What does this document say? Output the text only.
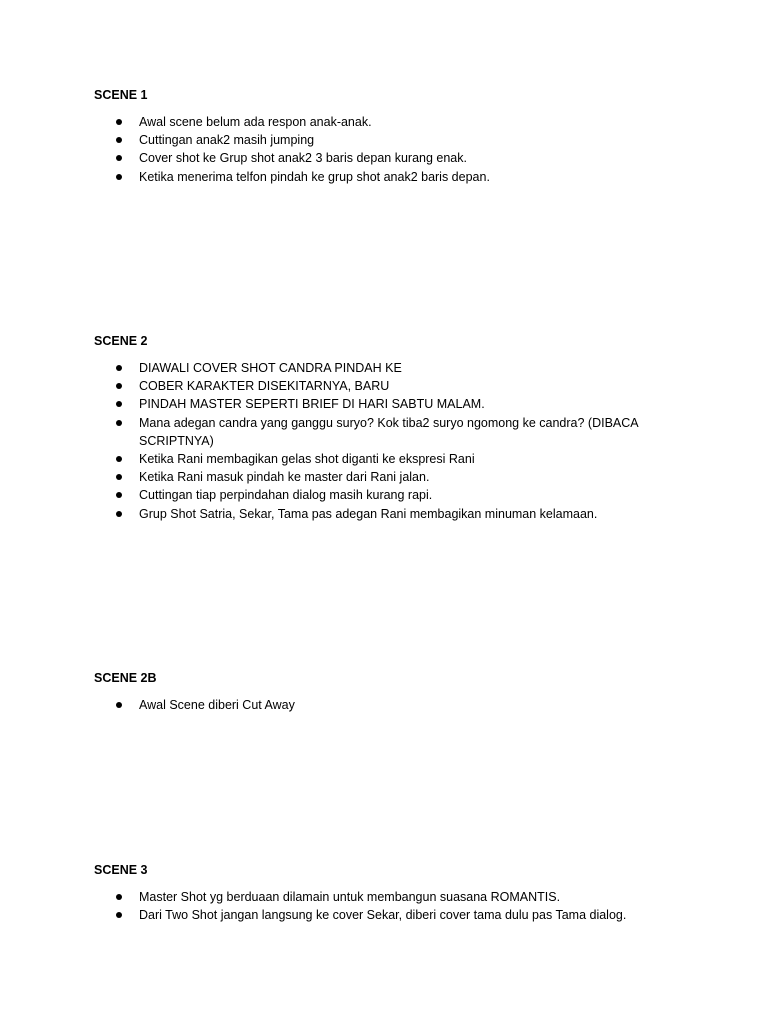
SCENE 1

Awal scene belum ada respon anak-anak.
Cuttingan anak2 masih jumping
Cover shot ke Grup shot anak2 3 baris depan kurang enak.
Ketika menerima telfon pindah ke grup shot anak2 baris depan.

SCENE 2

DIAWALI COVER SHOT CANDRA PINDAH KE
COBER KARAKTER DISEKITARNYA, BARU
PINDAH MASTER SEPERTI BRIEF DI HARI SABTU MALAM.
Mana adegan candra yang ganggu suryo? Kok tiba2 suryo ngomong ke candra? (DIBACA SCRIPTNYA)
Ketika Rani membagikan gelas shot diganti ke ekspresi Rani
Ketika Rani masuk pindah ke master dari Rani jalan.
Cuttingan tiap perpindahan dialog masih kurang rapi.
Grup Shot Satria, Sekar, Tama pas adegan Rani membagikan minuman kelamaan.

SCENE 2B

Awal Scene diberi Cut Away

SCENE 3

Master Shot yg berduaan dilamain untuk membangun suasana ROMANTIS.
Dari Two Shot jangan langsung ke cover Sekar, diberi cover tama dulu pas Tama dialog.
